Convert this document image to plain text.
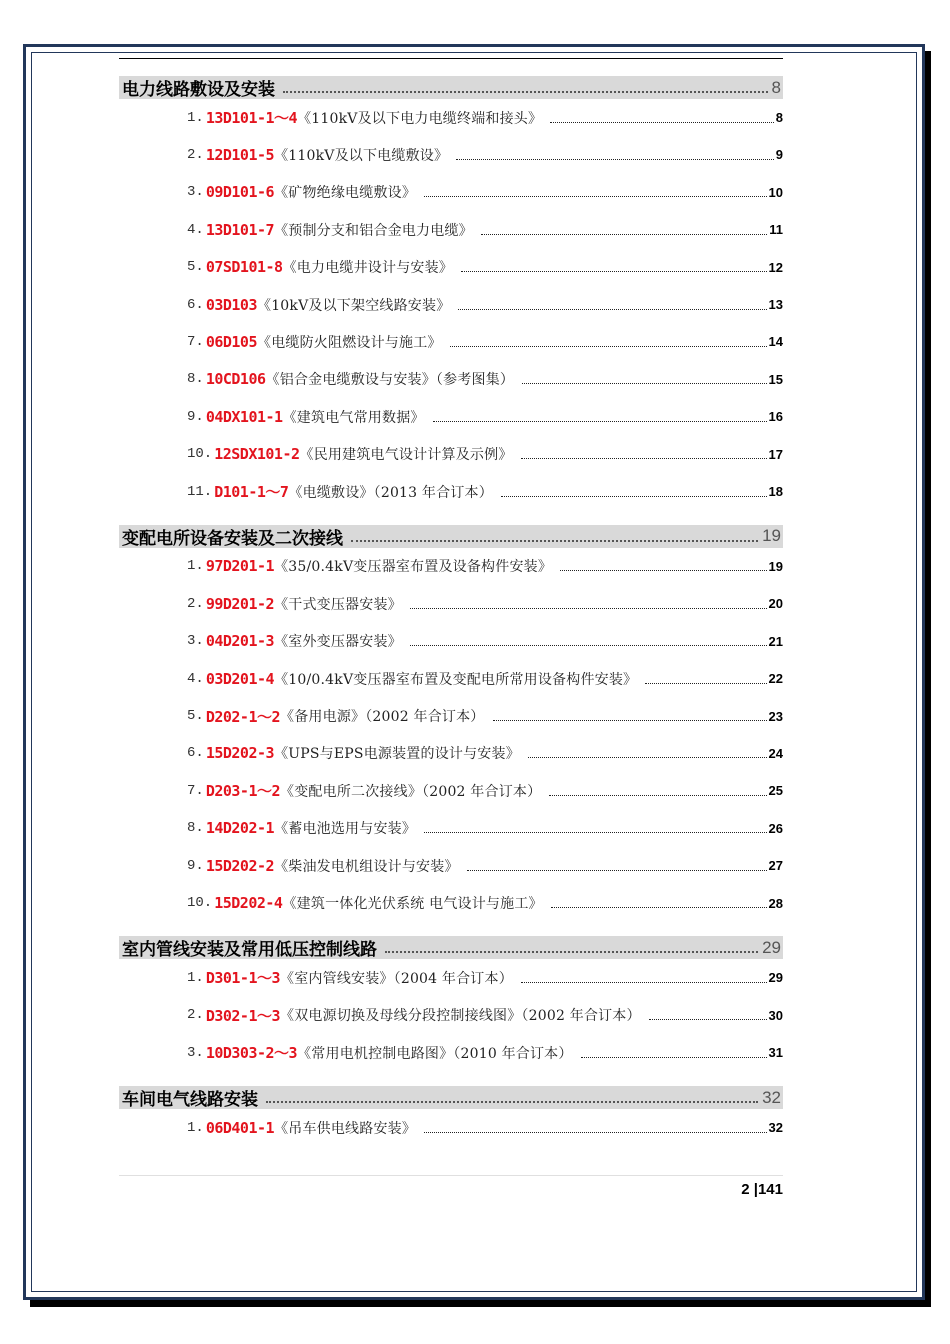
2 |141
电力线路敷设及安装	8
1. 13D101-1～4 《110kV及以下电力电缆终端和接头》	8
2. 12D101-5 《110kV及以下电缆敷设》	9
3. 09D101-6 《矿物绝缘电缆敷设》	10
4. 13D101-7 《预制分支和铝合金电力电缆》	11
5. 07SD101-8 《电力电缆井设计与安装》	12
6. 03D103 《10kV及以下架空线路安装》	13
7. 06D105 《电缆防火阻燃设计与施工》	14
8. 10CD106 《铝合金电缆敷设与安装》（参考图集）	15
9. 04DX101-1 《建筑电气常用数据》	16
10. 12SDX101-2 《民用建筑电气设计计算及示例》	17
11. D101-1～7 《电缆敷设》（2013 年合订本）	18
变配电所设备安装及二次接线	19
1. 97D201-1 《35/0.4kV变压器室布置及设备构件安装》	19
2. 99D201-2 《干式变压器安装》	20
3. 04D201-3 《室外变压器安装》	21
4. 03D201-4 《10/0.4kV变压器室布置及变配电所常用设备构件安装》	22
5. D202-1～2 《备用电源》（2002 年合订本）	23
6. 15D202-3 《UPS与EPS电源装置的设计与安装》	24
7. D203-1～2 《变配电所二次接线》（2002 年合订本）	25
8. 14D202-1 《蓄电池选用与安装》	26
9. 15D202-2 《柴油发电机组设计与安装》	27
10. 15D202-4 《建筑一体化光伏系统 电气设计与施工》	28
室内管线安装及常用低压控制线路	29
1. D301-1～3 《室内管线安装》（2004 年合订本）	29
2. D302-1～3 《双电源切换及母线分段控制接线图》（2002 年合订本）	30
3. 10D303-2～3 《常用电机控制电路图》（2010 年合订本）	31
车间电气线路安装	32
1. 06D401-1 《吊车供电线路安装》	32
